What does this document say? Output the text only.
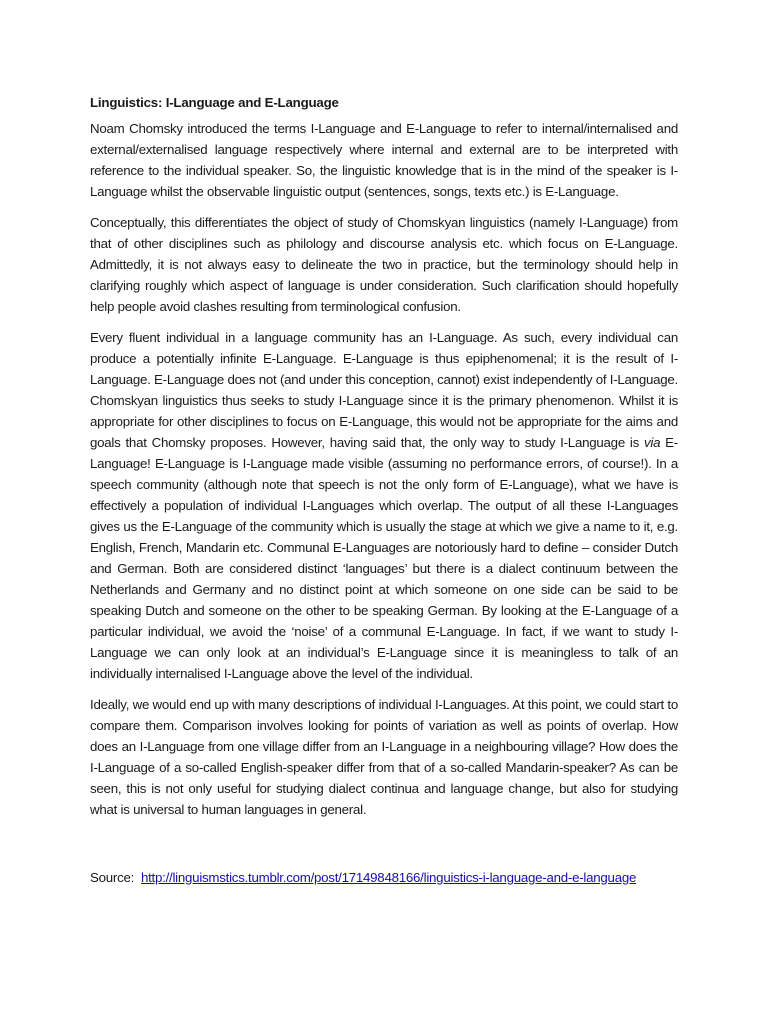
Linguistics: I-Language and E-Language

Noam Chomsky introduced the terms I-Language and E-Language to refer to internal/internalised and external/externalised language respectively where internal and external are to be interpreted with reference to the individual speaker. So, the linguistic knowledge that is in the mind of the speaker is I-Language whilst the observable linguistic output (sentences, songs, texts etc.) is E-Language.

Conceptually, this differentiates the object of study of Chomskyan linguistics (namely I-Language) from that of other disciplines such as philology and discourse analysis etc. which focus on E-Language. Admittedly, it is not always easy to delineate the two in practice, but the terminology should help in clarifying roughly which aspect of language is under consideration. Such clarification should hopefully help people avoid clashes resulting from terminological confusion.

Every fluent individual in a language community has an I-Language. As such, every individual can produce a potentially infinite E-Language. E-Language is thus epiphenomenal; it is the result of I-Language. E-Language does not (and under this conception, cannot) exist independently of I-Language. Chomskyan linguistics thus seeks to study I-Language since it is the primary phenomenon. Whilst it is appropriate for other disciplines to focus on E-Language, this would not be appropriate for the aims and goals that Chomsky proposes. However, having said that, the only way to study I-Language is via E-Language! E-Language is I-Language made visible (assuming no performance errors, of course!). In a speech community (although note that speech is not the only form of E-Language), what we have is effectively a population of individual I-Languages which overlap. The output of all these I-Languages gives us the E-Language of the community which is usually the stage at which we give a name to it, e.g. English, French, Mandarin etc. Communal E-Languages are notoriously hard to define – consider Dutch and German. Both are considered distinct ‘languages’ but there is a dialect continuum between the Netherlands and Germany and no distinct point at which someone on one side can be said to be speaking Dutch and someone on the other to be speaking German. By looking at the E-Language of a particular individual, we avoid the ‘noise’ of a communal E-Language. In fact, if we want to study I-Language we can only look at an individual’s E-Language since it is meaningless to talk of an individually internalised I-Language above the level of the individual.

Ideally, we would end up with many descriptions of individual I-Languages. At this point, we could start to compare them. Comparison involves looking for points of variation as well as points of overlap. How does an I-Language from one village differ from an I-Language in a neighbouring village? How does the I-Language of a so-called English-speaker differ from that of a so-called Mandarin-speaker? As can be seen, this is not only useful for studying dialect continua and language change, but also for studying what is universal to human languages in general.

Source: http://linguismstics.tumblr.com/post/17149848166/linguistics-i-language-and-e-language
